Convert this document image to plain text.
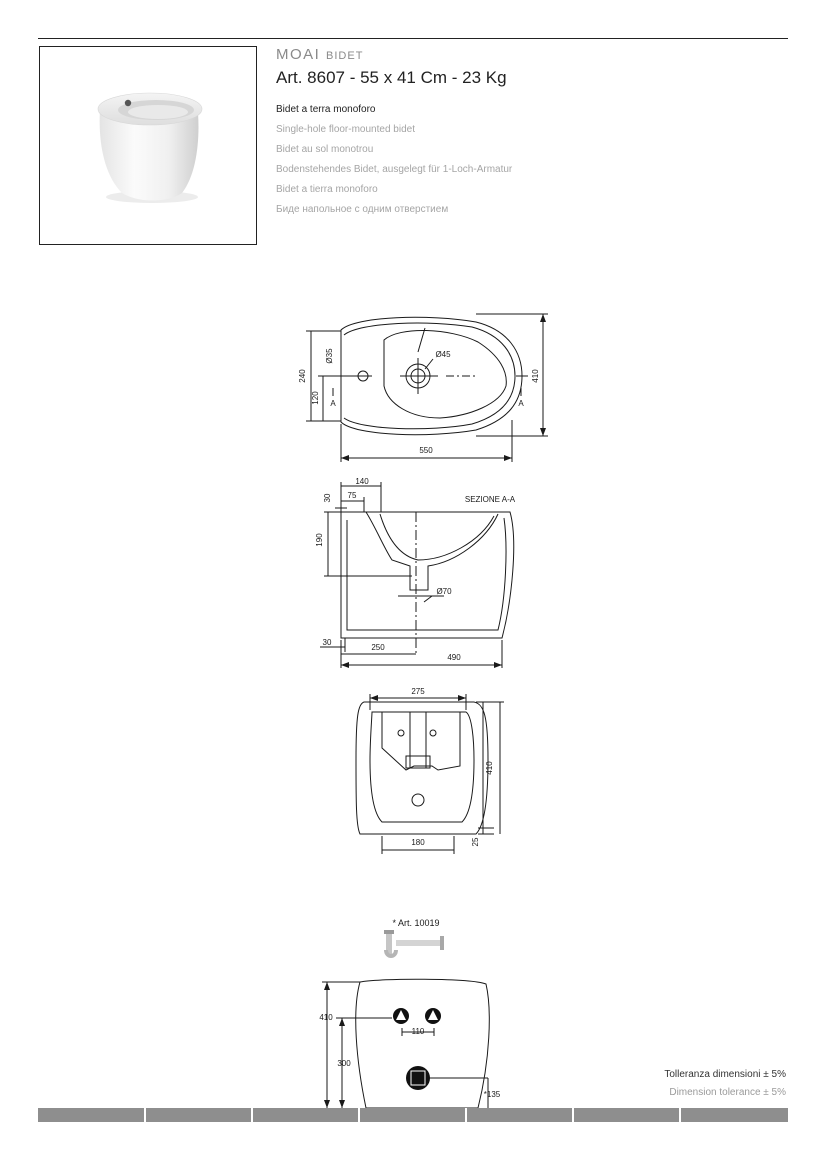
MOAI BIDET
Art. 8607 - 55 x 41 Cm - 23 Kg
Bidet a terra monoforo
Single-hole floor-mounted bidet
Bidet au sol monotrou
Bodenstehendes Bidet, ausgelegt für 1-Loch-Armatur
Bidet a tierra monoforo
Биде напольное с одним отверстием
550
410
240
120
Ø35	Ø45
A	A
SEZIONE A-A
140
75
30
190
Ø70
30
250
490
275
410
180	25
* Art. 10019
410
300
110
*135
Tolleranza dimensioni ± 5%
Dimension tolerance ± 5%
